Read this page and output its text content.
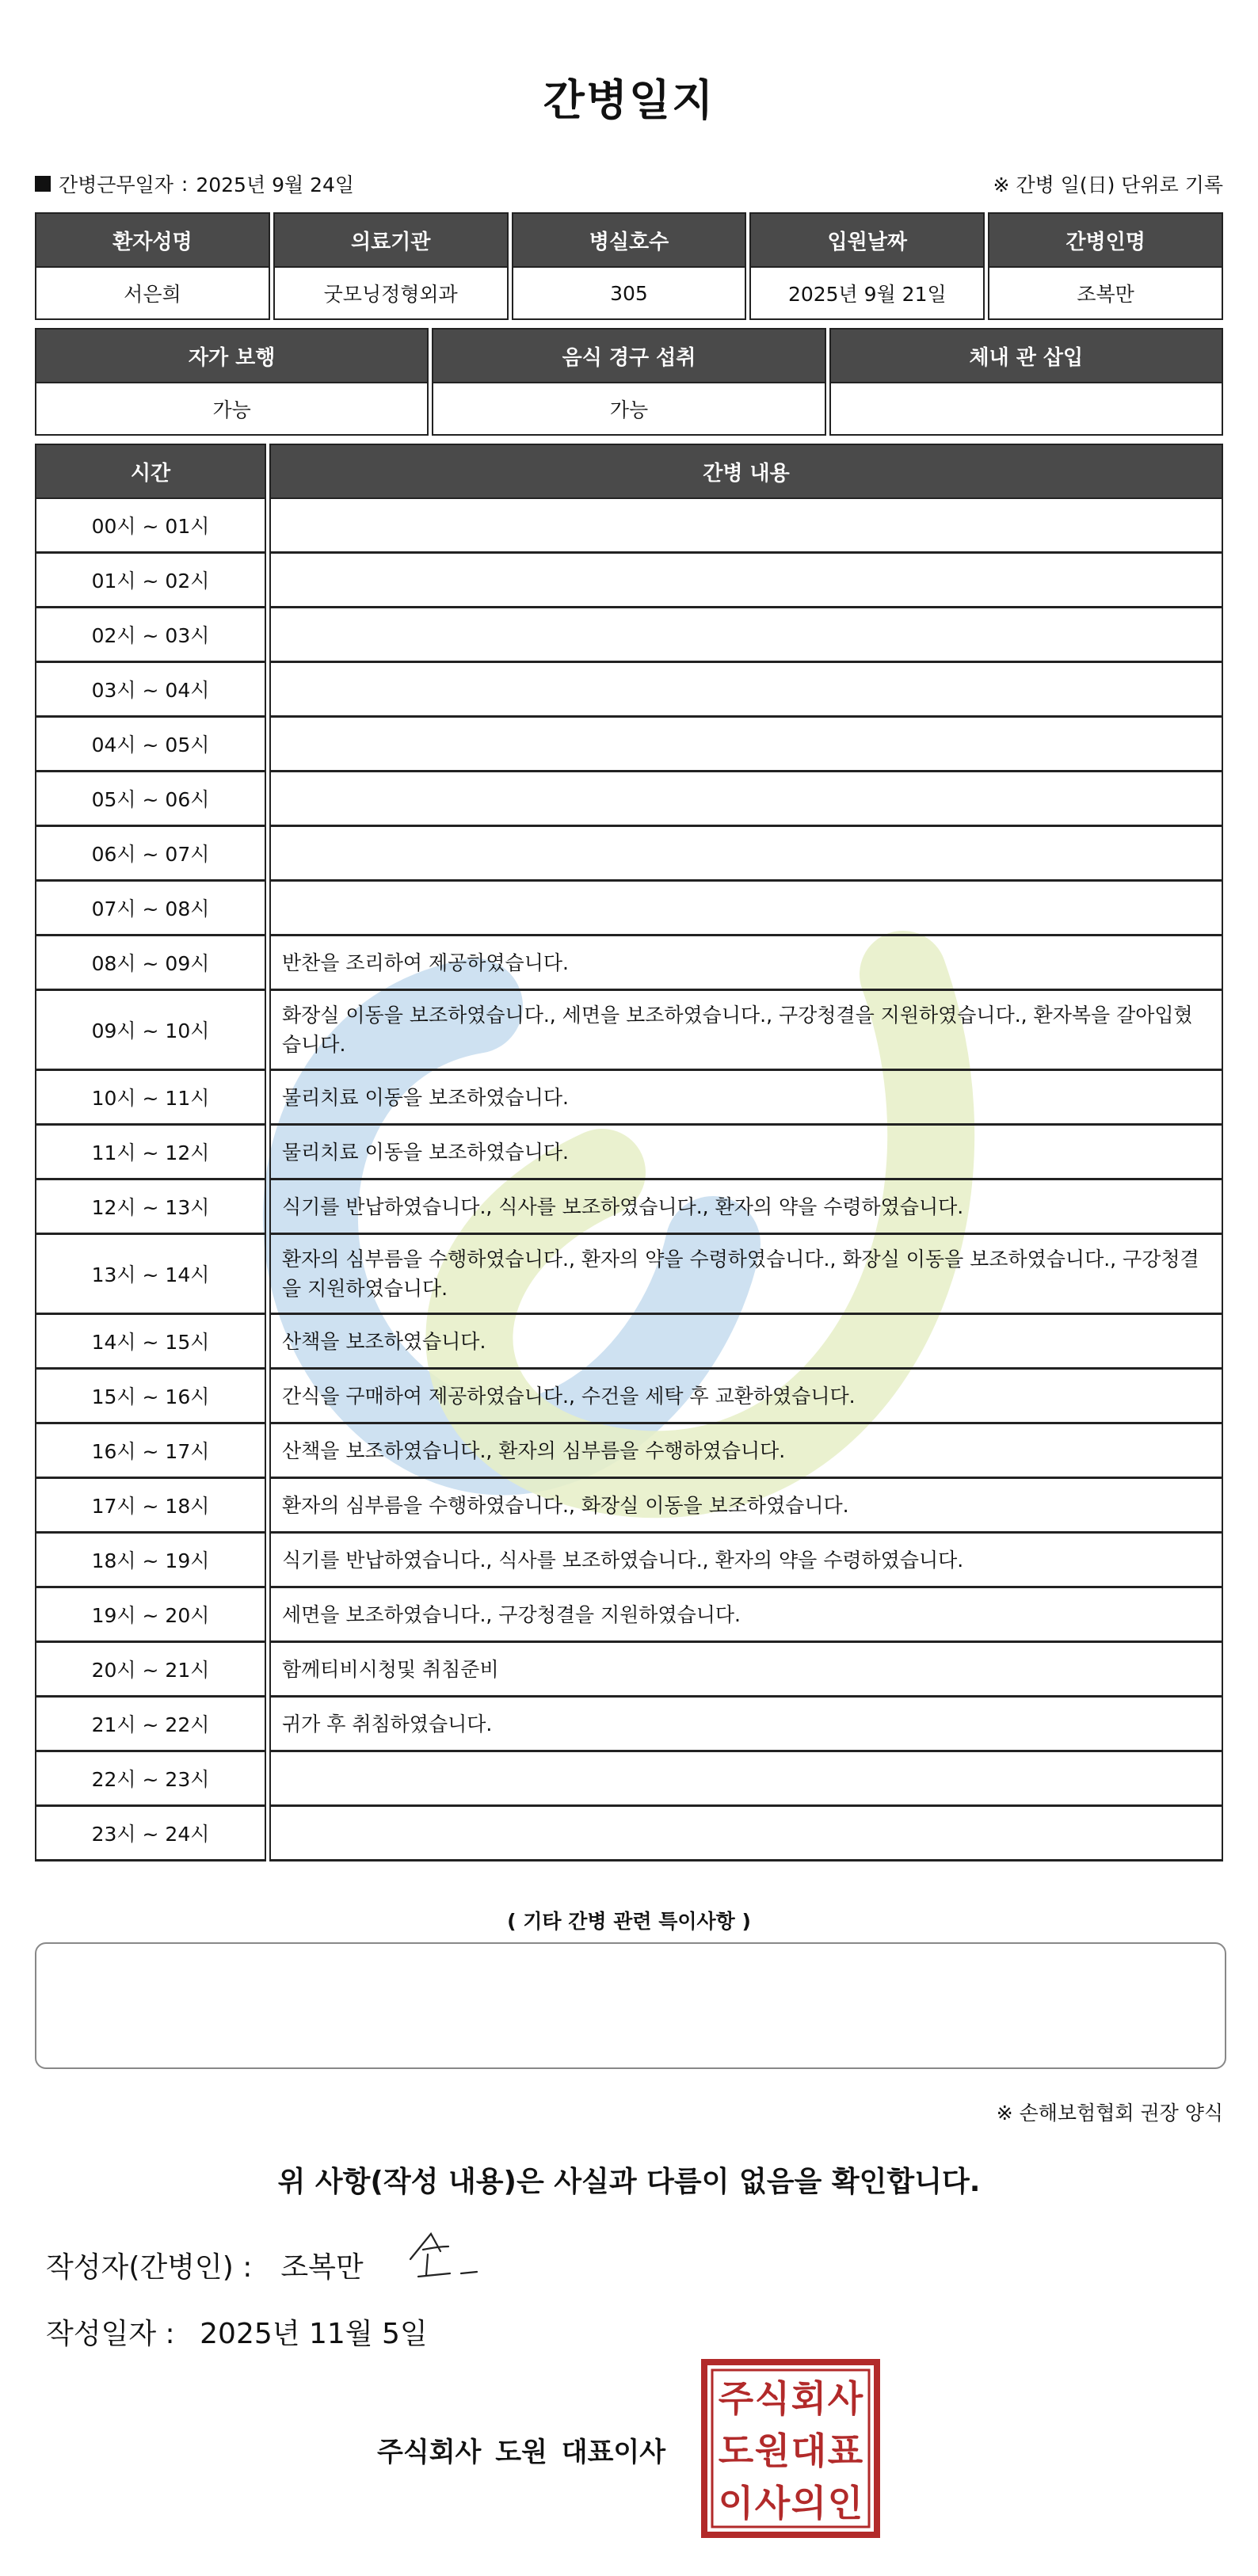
간병일지
간병근무일자 : 2025년 9월 24일	※ 간병 일(日) 단위로 기록
환자성명	의료기관	병실호수	입원날짜	간병인명
서은희	굿모닝정형외과	305	2025년 9월 21일	조복만
자가 보행	음식 경구 섭취	체내 관 삽입
가능	가능	
시간	간병 내용
00시 ~ 01시	
01시 ~ 02시	
02시 ~ 03시	
03시 ~ 04시	
04시 ~ 05시	
05시 ~ 06시	
06시 ~ 07시	
07시 ~ 08시	
08시 ~ 09시	반찬을 조리하여 제공하였습니다.
09시 ~ 10시	화장실 이동을 보조하였습니다., 세면을 보조하였습니다., 구강청결을 지원하였습니다., 환자복을 갈아입혔습니다.
10시 ~ 11시	물리치료 이동을 보조하였습니다.
11시 ~ 12시	물리치료 이동을 보조하였습니다.
12시 ~ 13시	식기를 반납하였습니다., 식사를 보조하였습니다., 환자의 약을 수령하였습니다.
13시 ~ 14시	환자의 심부름을 수행하였습니다., 환자의 약을 수령하였습니다., 화장실 이동을 보조하였습니다., 구강청결을 지원하였습니다.
14시 ~ 15시	산책을 보조하였습니다.
15시 ~ 16시	간식을 구매하여 제공하였습니다., 수건을 세탁 후 교환하였습니다.
16시 ~ 17시	산책을 보조하였습니다., 환자의 심부름을 수행하였습니다.
17시 ~ 18시	환자의 심부름을 수행하였습니다., 화장실 이동을 보조하였습니다.
18시 ~ 19시	식기를 반납하였습니다., 식사를 보조하였습니다., 환자의 약을 수령하였습니다.
19시 ~ 20시	세면을 보조하였습니다., 구강청결을 지원하였습니다.
20시 ~ 21시	함께티비시청및 취침준비
21시 ~ 22시	귀가 후 취침하였습니다.
22시 ~ 23시	
23시 ~ 24시	
( 기타 간병 관련 특이사항 )
※ 손해보험협회 권장 양식
위 사항(작성 내용)은 사실과 다름이 없음을 확인합니다.
작성자(간병인) : 조복만
작성일자 : 2025년 11월 5일
주식회사 도원 대표이사
주 식 회 사
도 원 대 표
이 사 의 인
